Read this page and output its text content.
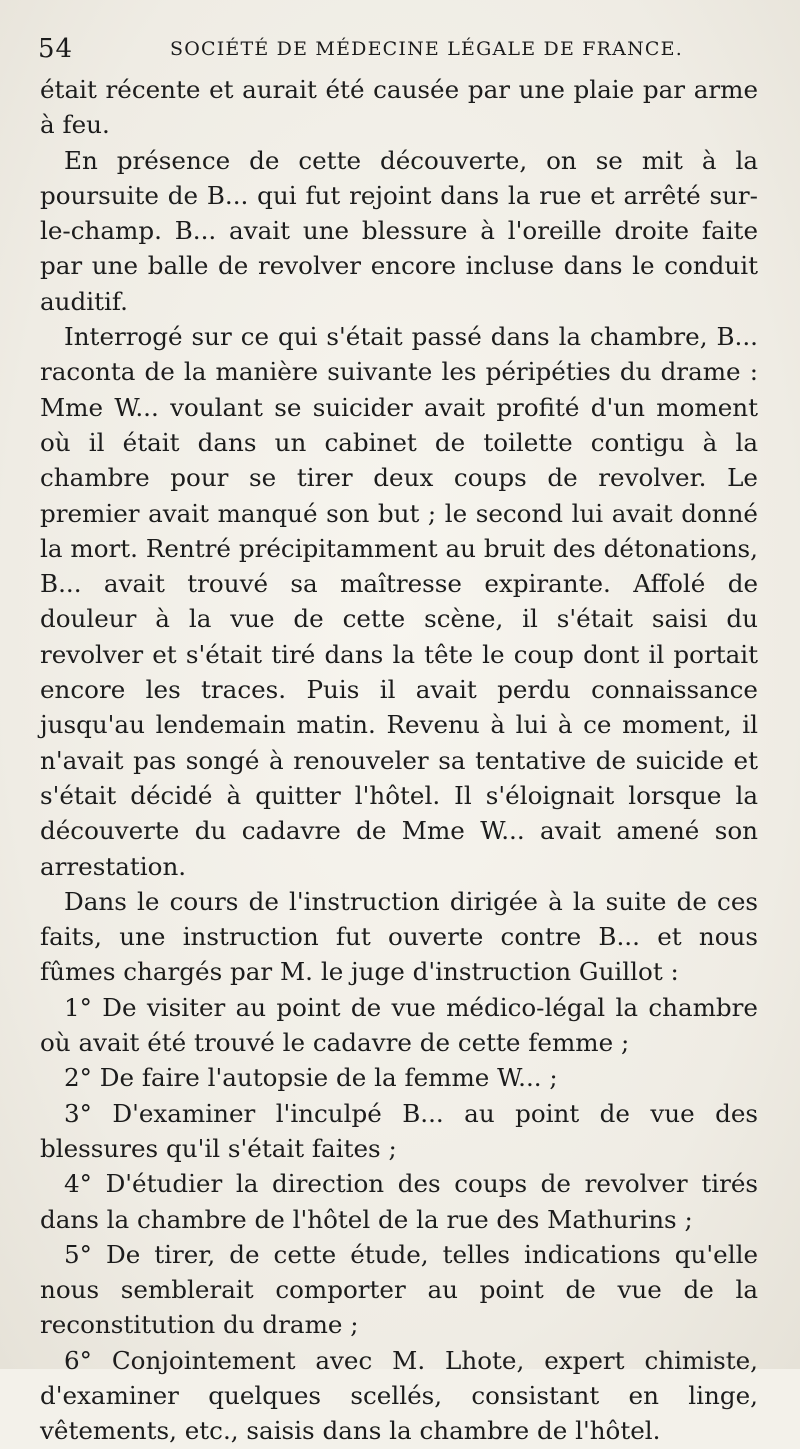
54	SOCIÉTÉ DE MÉDECINE LÉGALE DE FRANCE.

était récente et aurait été causée par une plaie par arme à feu.

En présence de cette découverte, on se mit à la poursuite de B... qui fut rejoint dans la rue et arrêté sur-le-champ. B... avait une blessure à l'oreille droite faite par une balle de revolver encore incluse dans le conduit auditif.

Interrogé sur ce qui s'était passé dans la chambre, B... raconta de la manière suivante les péripéties du drame : Mme W... voulant se suicider avait profité d'un moment où il était dans un cabinet de toilette contigu à la chambre pour se tirer deux coups de revolver. Le premier avait manqué son but ; le second lui avait donné la mort. Rentré précipitamment au bruit des détonations, B... avait trouvé sa maîtresse expirante. Affolé de douleur à la vue de cette scène, il s'était saisi du revolver et s'était tiré dans la tête le coup dont il portait encore les traces. Puis il avait perdu connaissance jusqu'au lendemain matin. Revenu à lui à ce moment, il n'avait pas songé à renouveler sa tentative de suicide et s'était décidé à quitter l'hôtel. Il s'éloignait lorsque la découverte du cadavre de Mme W... avait amené son arrestation.

Dans le cours de l'instruction dirigée à la suite de ces faits, une instruction fut ouverte contre B... et nous fûmes chargés par M. le juge d'instruction Guillot :

1° De visiter au point de vue médico-légal la chambre où avait été trouvé le cadavre de cette femme ;

2° De faire l'autopsie de la femme W... ;

3° D'examiner l'inculpé B... au point de vue des blessures qu'il s'était faites ;

4° D'étudier la direction des coups de revolver tirés dans la chambre de l'hôtel de la rue des Mathurins ;

5° De tirer, de cette étude, telles indications qu'elle nous semblerait comporter au point de vue de la reconstitution du drame ;

6° Conjointement avec M. Lhote, expert chimiste, d'examiner quelques scellés, consistant en linge, vêtements, etc., saisis dans la chambre de l'hôtel.
